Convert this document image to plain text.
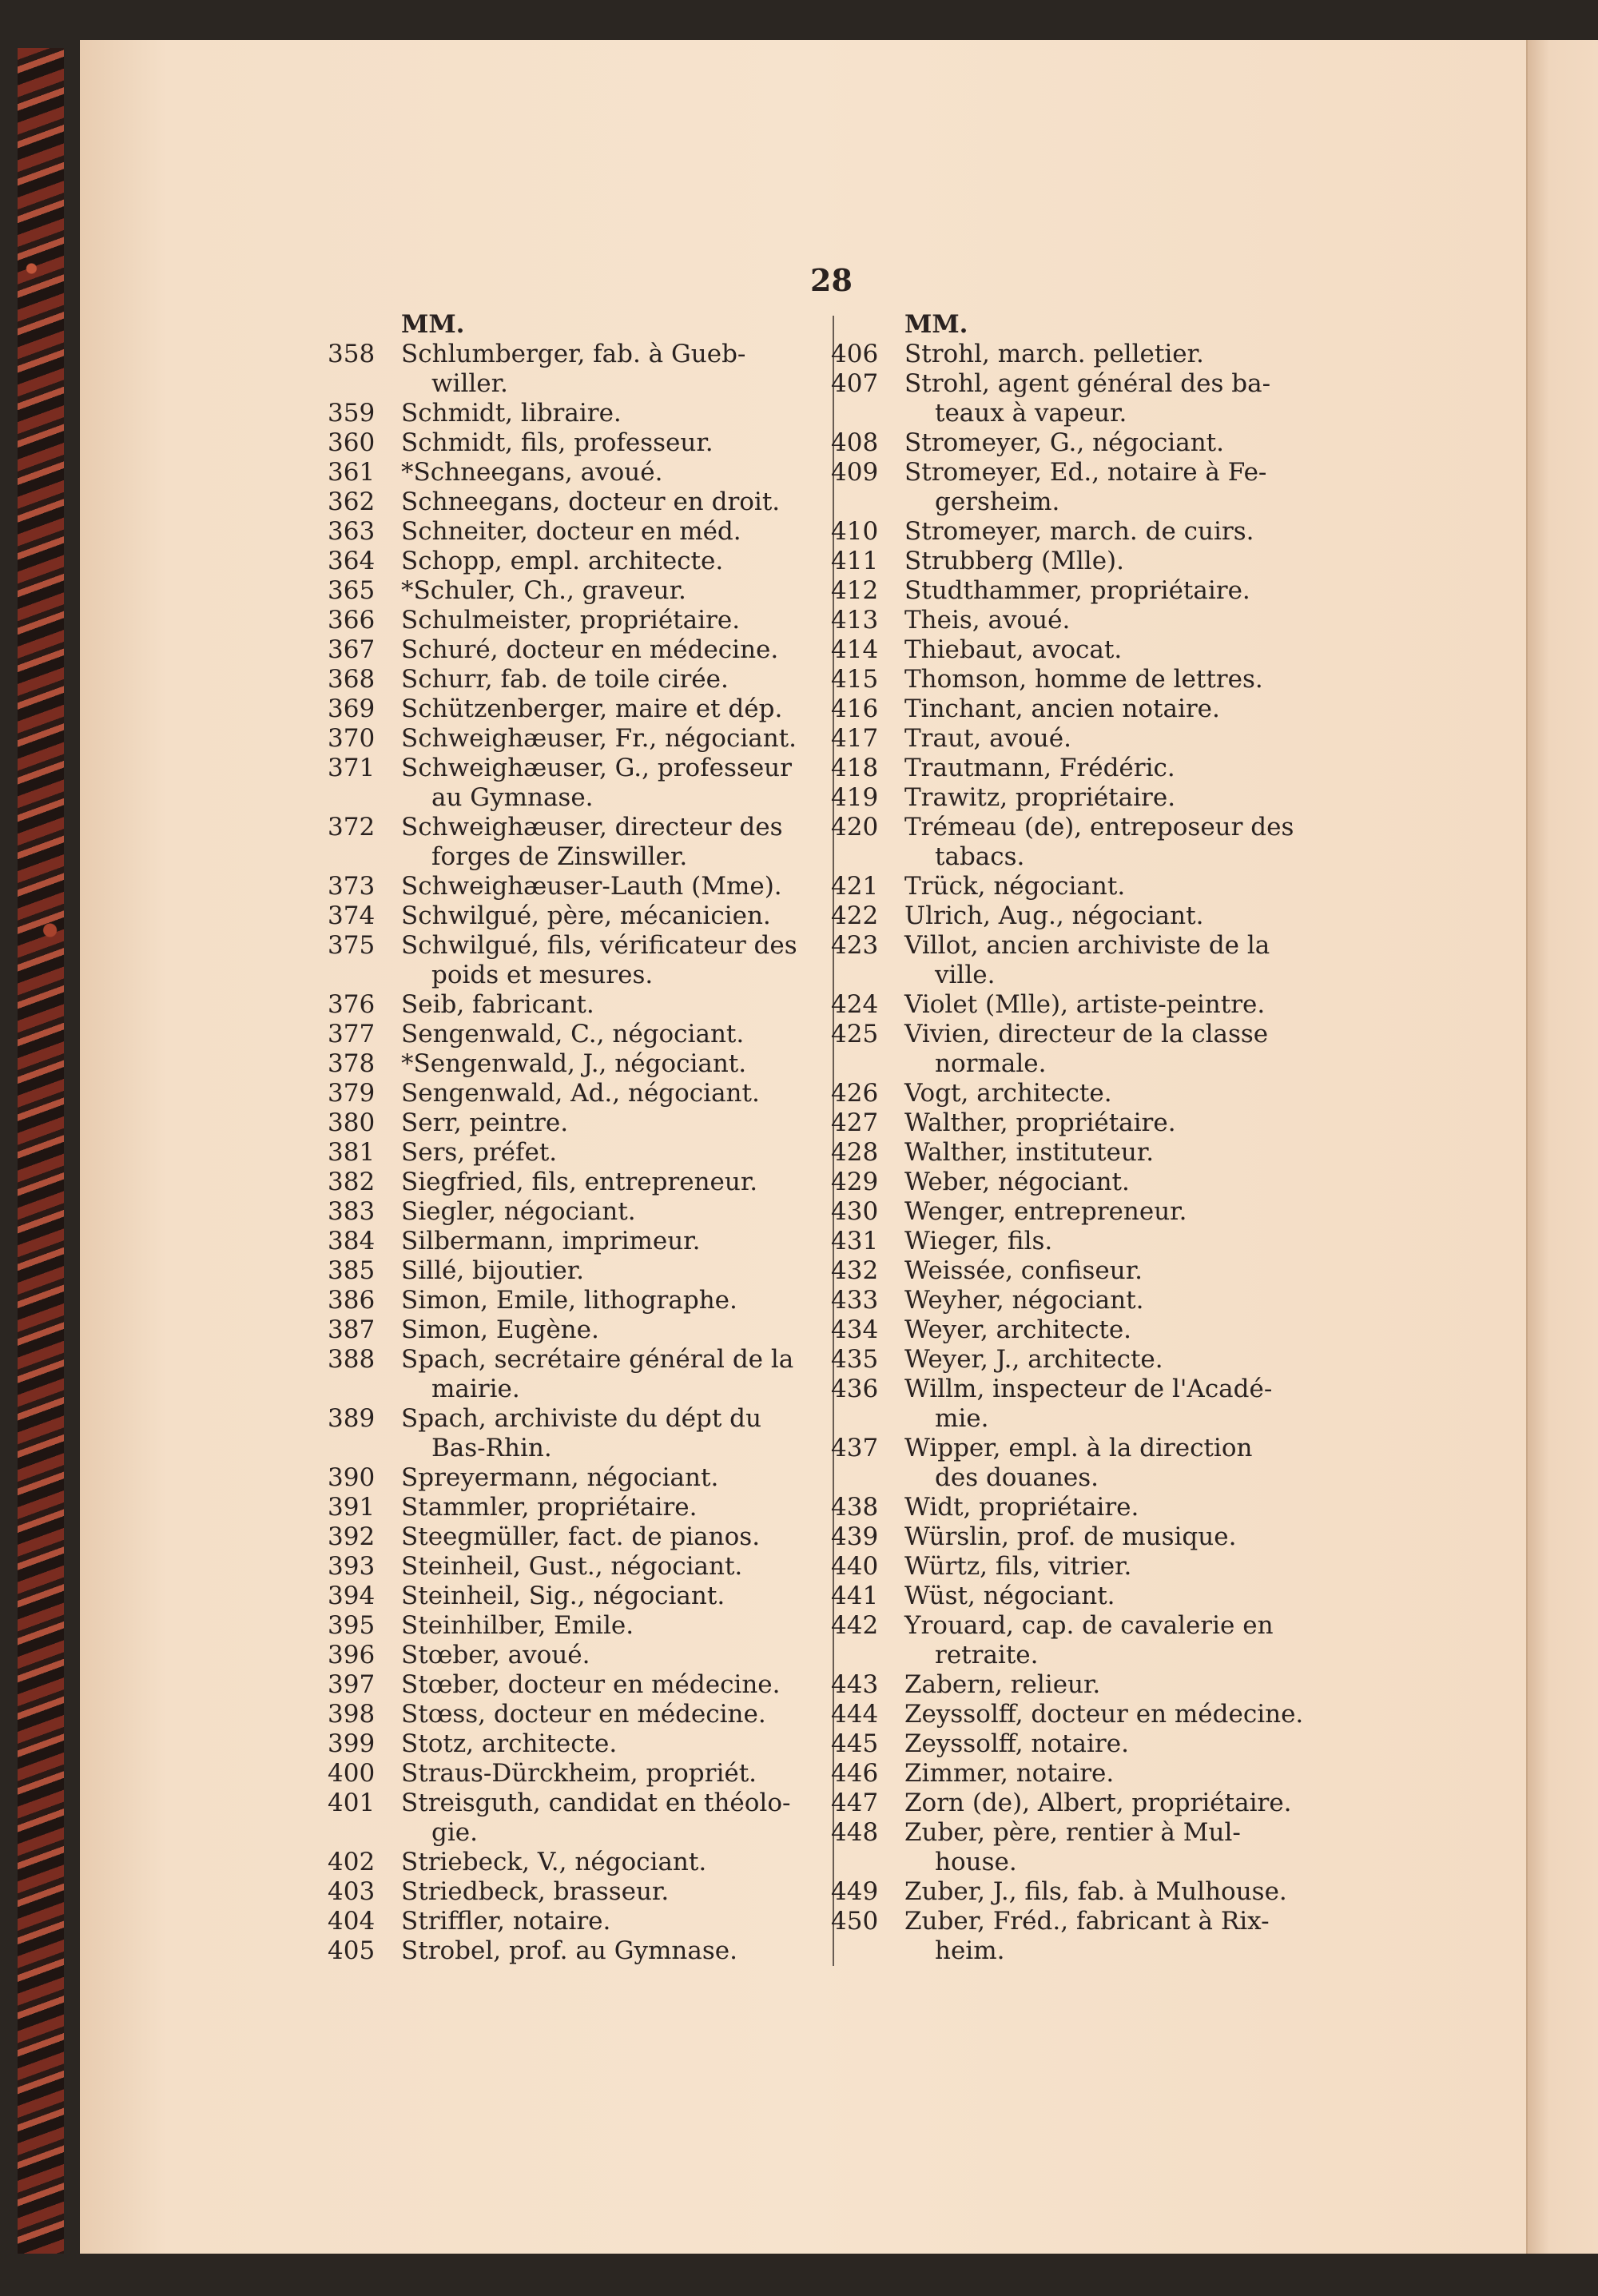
28
MM.
358	Schlumberger, fab. à Gueb-
willer.
359	Schmidt, libraire.
360	Schmidt, fils, professeur.
361	*Schneegans, avoué.
362	Schneegans, docteur en droit.
363	Schneiter, docteur en méd.
364	Schopp, empl. architecte.
365	*Schuler, Ch., graveur.
366	Schulmeister, propriétaire.
367	Schuré, docteur en médecine.
368	Schurr, fab. de toile cirée.
369	Schützenberger, maire et dép.
370	Schweighæuser, Fr., négociant.
371	Schweighæuser, G., professeur
au Gymnase.
372	Schweighæuser, directeur des
forges de Zinswiller.
373	Schweighæuser-Lauth (Mme).
374	Schwilgué, père, mécanicien.
375	Schwilgué, fils, vérificateur des
poids et mesures.
376	Seib, fabricant.
377	Sengenwald, C., négociant.
378	*Sengenwald, J., négociant.
379	Sengenwald, Ad., négociant.
380	Serr, peintre.
381	Sers, préfet.
382	Siegfried, fils, entrepreneur.
383	Siegler, négociant.
384	Silbermann, imprimeur.
385	Sillé, bijoutier.
386	Simon, Emile, lithographe.
387	Simon, Eugène.
388	Spach, secrétaire général de la
mairie.
389	Spach, archiviste du dépt du
Bas-Rhin.
390	Spreyermann, négociant.
391	Stammler, propriétaire.
392	Steegmüller, fact. de pianos.
393	Steinheil, Gust., négociant.
394	Steinheil, Sig., négociant.
395	Steinhilber, Emile.
396	Stœber, avoué.
397	Stœber, docteur en médecine.
398	Stœss, docteur en médecine.
399	Stotz, architecte.
400	Straus-Dürckheim, propriét.
401	Streisguth, candidat en théolo-
gie.
402	Striebeck, V., négociant.
403	Striedbeck, brasseur.
404	Striffler, notaire.
405	Strobel, prof. au Gymnase.
MM.
406	Strohl, march. pelletier.
407	Strohl, agent général des ba-
teaux à vapeur.
408	Stromeyer, G., négociant.
409	Stromeyer, Ed., notaire à Fe-
gersheim.
410	Stromeyer, march. de cuirs.
411	Strubberg (Mlle).
412	Studthammer, propriétaire.
413	Theis, avoué.
414	Thiebaut, avocat.
415	Thomson, homme de lettres.
416	Tinchant, ancien notaire.
417	Traut, avoué.
418	Trautmann, Frédéric.
419	Trawitz, propriétaire.
420	Trémeau (de), entreposeur des
tabacs.
421	Trück, négociant.
422	Ulrich, Aug., négociant.
423	Villot, ancien archiviste de la
ville.
424	Violet (Mlle), artiste-peintre.
425	Vivien, directeur de la classe
normale.
426	Vogt, architecte.
427	Walther, propriétaire.
428	Walther, instituteur.
429	Weber, négociant.
430	Wenger, entrepreneur.
431	Wieger, fils.
432	Weissée, confiseur.
433	Weyher, négociant.
434	Weyer, architecte.
435	Weyer, J., architecte.
436	Willm, inspecteur de l'Acadé-
mie.
437	Wipper, empl. à la direction
des douanes.
438	Widt, propriétaire.
439	Würslin, prof. de musique.
440	Würtz, fils, vitrier.
441	Wüst, négociant.
442	Yrouard, cap. de cavalerie en
retraite.
443	Zabern, relieur.
444	Zeyssolff, docteur en médecine.
445	Zeyssolff, notaire.
446	Zimmer, notaire.
447	Zorn (de), Albert, propriétaire.
448	Zuber, père, rentier à Mul-
house.
449	Zuber, J., fils, fab. à Mulhouse.
450	Zuber, Fréd., fabricant à Rix-
heim.
